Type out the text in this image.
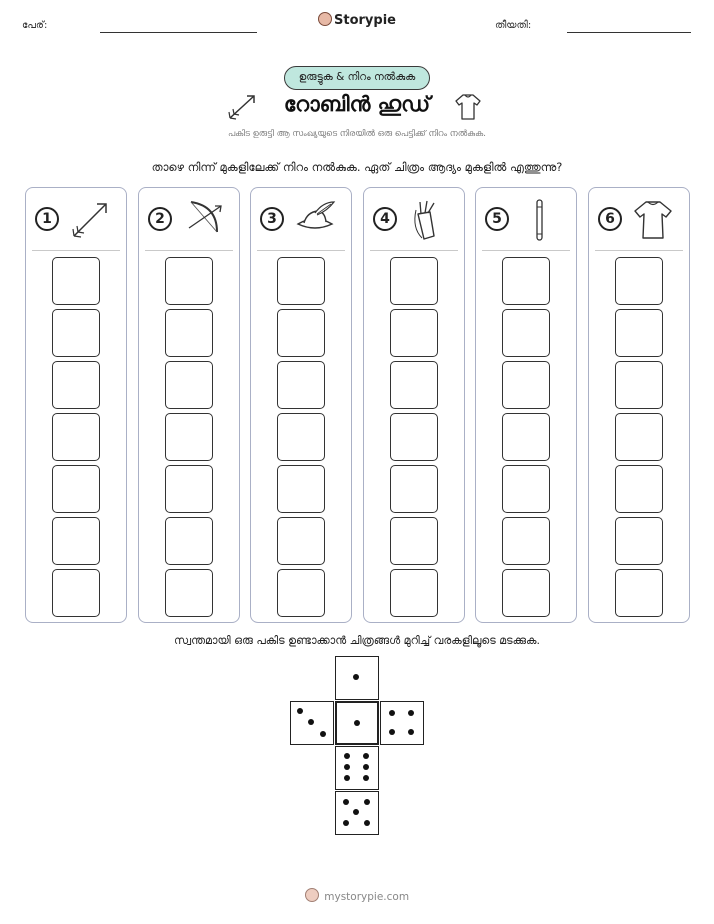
പേര്:	Storypie	തീയതി:
ഉരുട്ടുക & നിറം നൽകുക
റോബിൻ ഹുഡ്
പകിട ഉരുട്ടി ആ സംഖ്യയുടെ നിരയിൽ ഒരു പെട്ടിക്ക് നിറം നൽകുക.
താഴെ നിന്ന് മുകളിലേക്ക് നിറം നൽകുക. ഏത് ചിത്രം ആദ്യം മുകളിൽ എത്തുന്നു?
1	2	3	4	5	6
സ്വന്തമായി ഒരു പകിട ഉണ്ടാക്കാൻ ചിത്രങ്ങൾ മുറിച്ച് വരകളിലൂടെ മടക്കുക.
mystorypie.com
